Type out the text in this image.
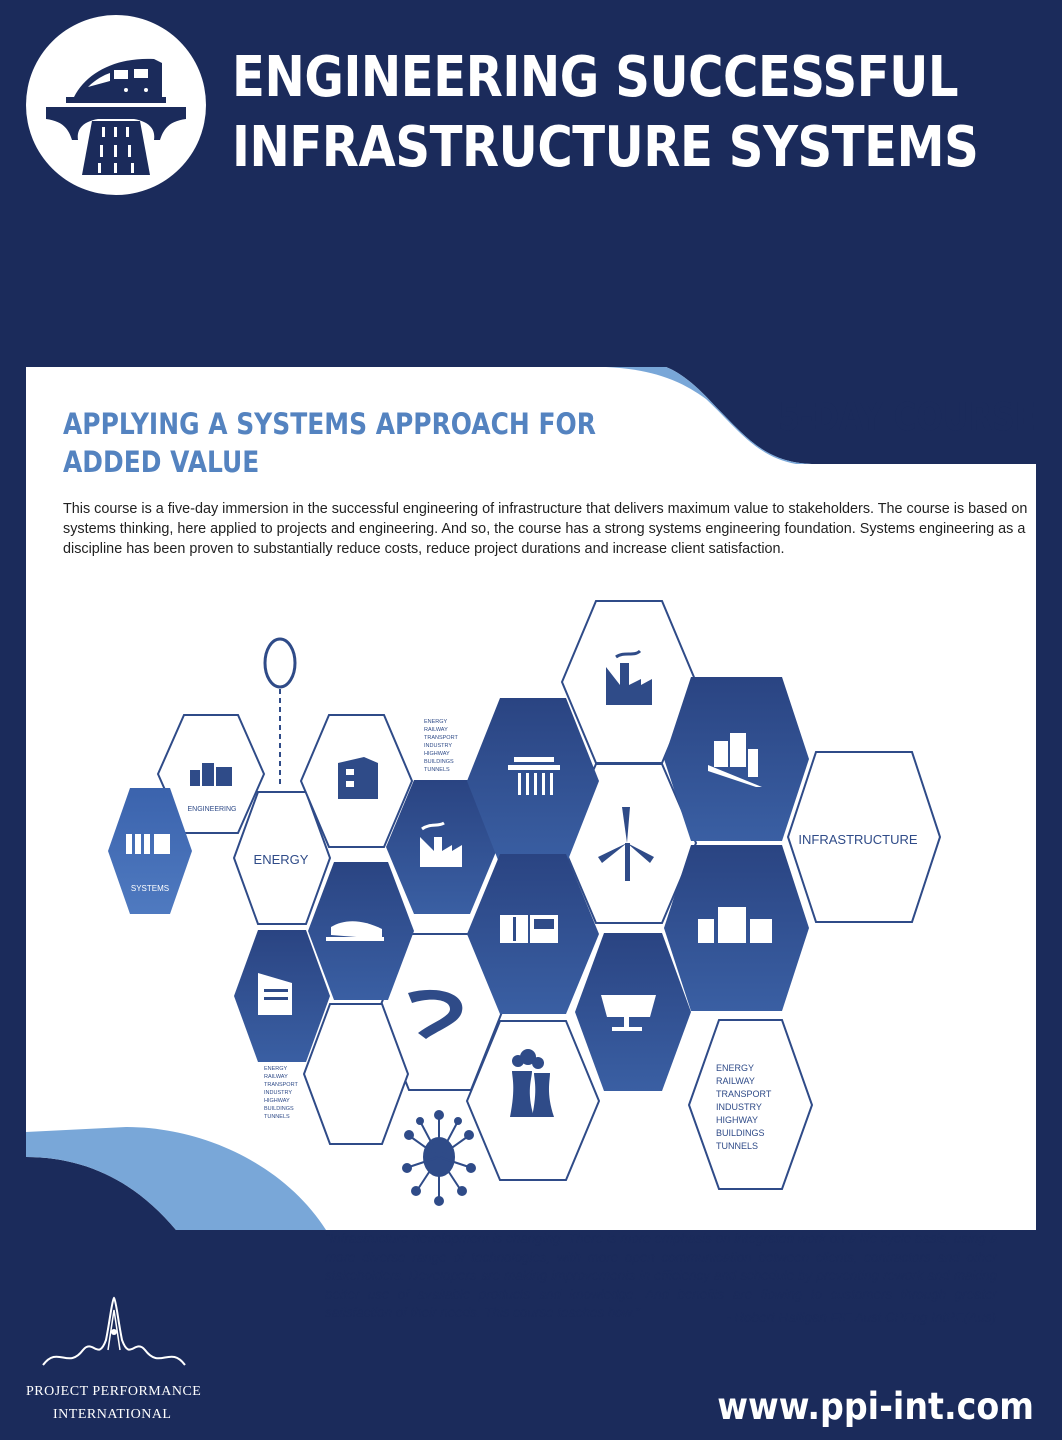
ENGINEERING SUCCESSFUL
INFRASTRUCTURE SYSTEMS
APPLYING A SYSTEMS APPROACH FOR ADDED VALUE
5-DAY COURSE

This course is a five-day immersion in the successful engineering of infrastructure that delivers maximum value to stakeholders. The course is based on systems thinking, here applied to projects and engineering. And so, the course has a strong systems engineering foundation. Systems engineering as a discipline has been proven to substantially reduce costs, reduce project durations and increase client satisfaction.

SYSTEMS
ENGINEERING
ENERGY
INFRASTRUCTURE
ENERGY
RAILWAY
TRANSPORT
INDUSTRY
HIGHWAY
BUILDINGS
TUNNELS
ENERGY
RAILWAY
TRANSPORT
INDUSTRY
HIGHWAY
BUILDINGS
TUNNELS
ENERGY
RAILWAY
TRANSPORT
INDUSTRY
HIGHWAY
BUILDINGS
TUNNELS

“Infrastructure development is changing. There is more emphasis on integrated work on a life cycle basis, using a more diverse range of technologies, with more open communication between clients, contractors and other stakeholders. Developers are making improvements in efficiency and schedule by preventing rework and making better use of available products and knowledge. And benefits are flowing to customers through greater satisfaction of their needs. This course teaches how.”	- Robert Halligan FIE Aust CPEng IntPE(Aus)
PROJECT PERFORMANCE
INTERNATIONAL	www.ppi-int.com
